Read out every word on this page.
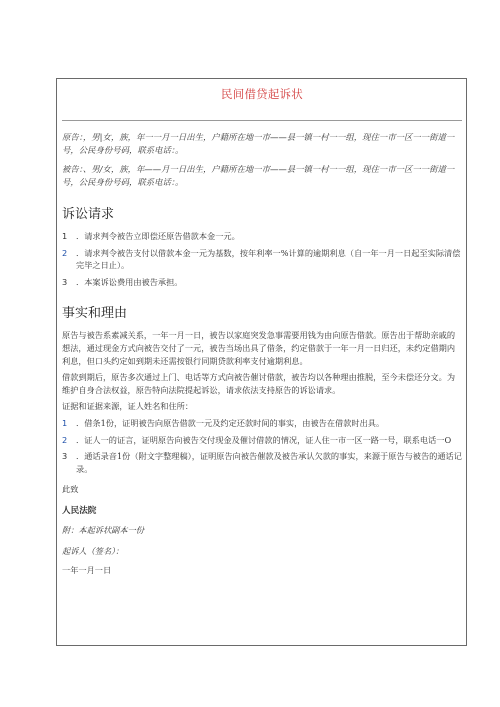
民间借贷起诉状
原告：，男|女，族，年一一月一日出生，户籍所在地一市——县一镇一村一一组，现住一市一区一一街道一号，公民身份号码，联系电话：。
被告：、男/女，族，年——月一日出生，户籍所在地一市——县一镇一村一一组，现住一市一区一一街道一号，公民身份号码，联系电话：。
诉讼请求
1	．请求判令被告立即偿还原告借款本金一元。
2	．请求判令被告支付以借款本金一元为基数，按年利率一%计算的逾期利息（自一年一月一日起至实际清偿完毕之日止）。
3	．本案诉讼费用由被告承担。
事实和理由
原告与被告系素减关系，一年一月一日，被告以家庭突发急事需要用钱为由向原告借款。原告出于帮助亲戚的想法，通过现金方式向被告交付了一元，被告当场出具了借条，约定借款于一年一月一日归还，未约定借期内利息，但口头约定如到期未还需按银行同期贷款利率支付逾期利息。
借款到期后，原告多次通过上门、电话等方式向被告催讨借款，被告均以各种理由推脱，至今未偿还分文。为维护自身合法权益，原告特向法院提起诉讼，请求依法支持原告的诉讼请求。
证据和证据来源，证人姓名和住所：
1	．借条1份，证明被告向原告借款一元及约定还款时间的事实，由被告在借款时出具。
2	．证人一的证言，证明原告向被告交付现金及催讨借款的情况，证人住一市一区一路一号，联系电话一O
3	．通话录音1份（附文字整理稿），证明原告向被告催款及被告承认欠款的事实，来源于原告与被告的通话记录。
此致
人民法院
附：本起诉状副本一份
起诉人（签名）：
一年一月一日
